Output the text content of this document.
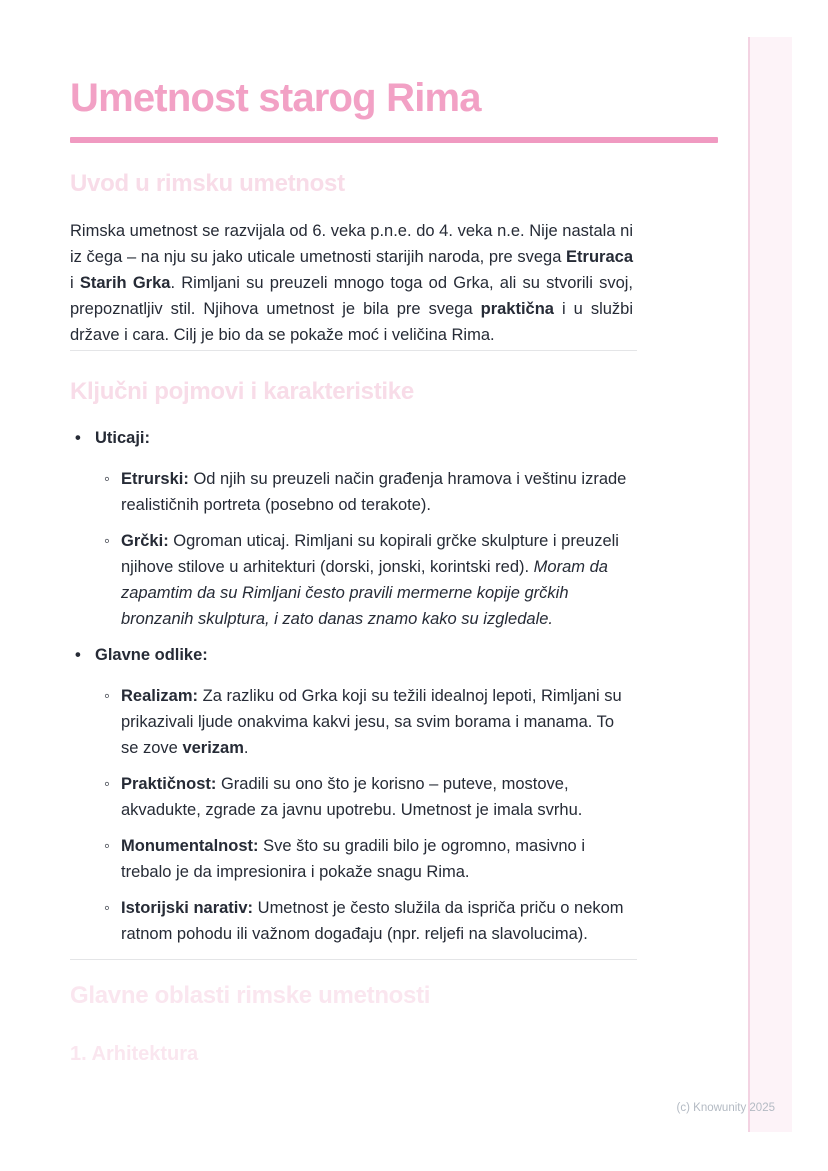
Umetnost starog Rima
Uvod u rimsku umetnost

Rimska umetnost se razvijala od 6. veka p.n.e. do 4. veka n.e. Nije nastala ni iz čega – na nju su jako uticale umetnosti starijih naroda, pre svega Etruraca i Starih Grka. Rimljani su preuzeli mnogo toga od Grka, ali su stvorili svoj, prepoznatljiv stil. Njihova umetnost je bila pre svega praktična i u službi države i cara. Cilj je bio da se pokaže moć i veličina Rima.

Ključni pojmovi i karakteristike
• Uticaji:
◦ Etrurski: Od njih su preuzeli način građenja hramova i veštinu izrade realističnih portreta (posebno od terakote).
◦ Grčki: Ogroman uticaj. Rimljani su kopirali grčke skulpture i preuzeli njihove stilove u arhitekturi (dorski, jonski, korintski red). Moram da zapamtim da su Rimljani često pravili mermerne kopije grčkih bronzanih skulptura, i zato danas znamo kako su izgledale.
• Glavne odlike:
◦ Realizam: Za razliku od Grka koji su težili idealnoj lepoti, Rimljani su prikazivali ljude onakvima kakvi jesu, sa svim borama i manama. To se zove verizam.
◦ Praktičnost: Gradili su ono što je korisno – puteve, mostove, akvadukte, zgrade za javnu upotrebu. Umetnost je imala svrhu.
◦ Monumentalnost: Sve što su gradili bilo je ogromno, masivno i trebalo je da impresionira i pokaže snagu Rima.
◦ Istorijski narativ: Umetnost je često služila da ispriča priču o nekom ratnom pohodu ili važnom događaju (npr. reljefi na slavolucima).
Glavne oblasti rimske umetnosti
1. Arhitektura
(c) Knowunity 2025
